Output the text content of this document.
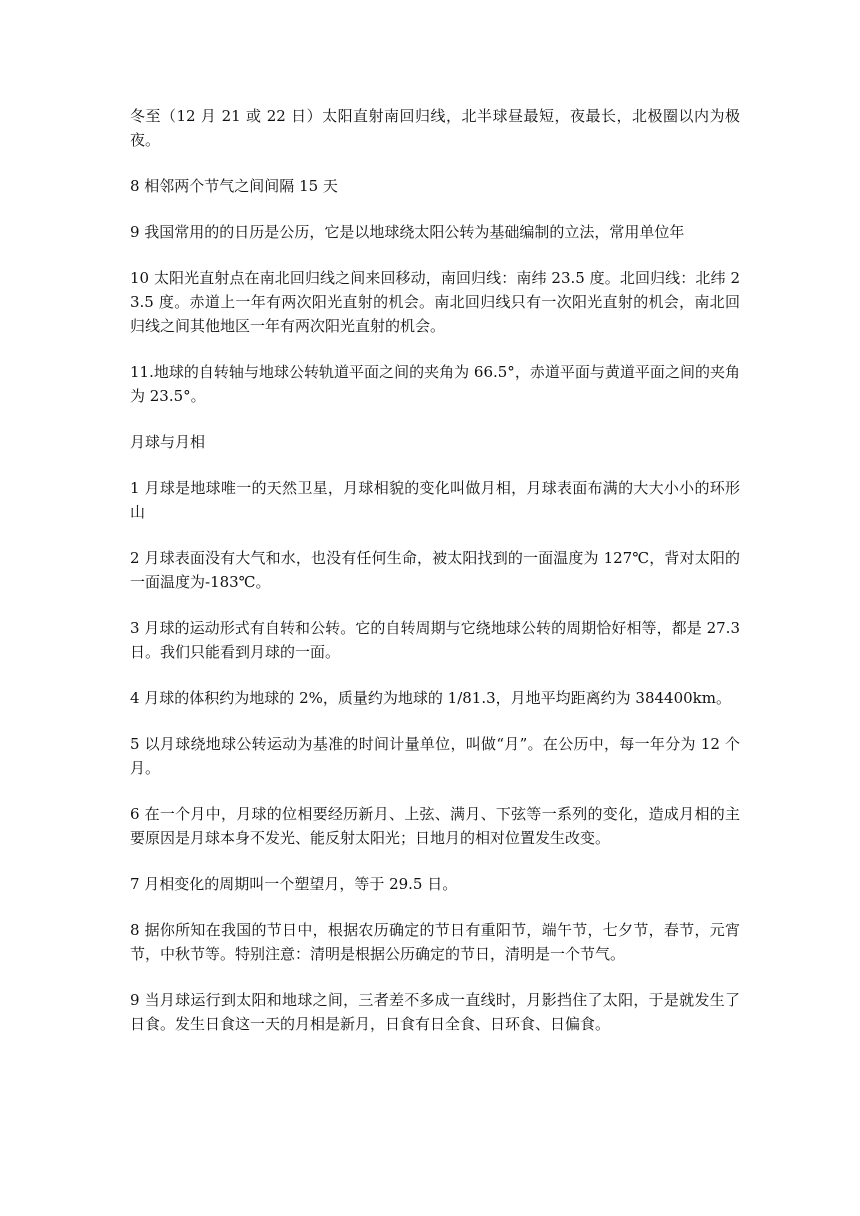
冬至（12 月 21 或 22 日）太阳直射南回归线，北半球昼最短，夜最长，北极圈以内为极夜。

8 相邻两个节气之间间隔 15 天

9 我国常用的的日历是公历，它是以地球绕太阳公转为基础编制的立法，常用单位年

10 太阳光直射点在南北回归线之间来回移动，南回归线：南纬 23.5 度。北回归线：北纬 23.5 度。赤道上一年有两次阳光直射的机会。南北回归线只有一次阳光直射的机会，南北回归线之间其他地区一年有两次阳光直射的机会。

11.地球的自转轴与地球公转轨道平面之间的夹角为 66.5°，赤道平面与黄道平面之间的夹角为 23.5°。

月球与月相

1 月球是地球唯一的天然卫星，月球相貌的变化叫做月相，月球表面布满的大大小小的环形山

2 月球表面没有大气和水，也没有任何生命，被太阳找到的一面温度为 127℃，背对太阳的一面温度为-183℃。

3 月球的运动形式有自转和公转。它的自转周期与它绕地球公转的周期恰好相等，都是 27.3 日。我们只能看到月球的一面。

4 月球的体积约为地球的 2%，质量约为地球的 1/81.3，月地平均距离约为 384400km。

5 以月球绕地球公转运动为基准的时间计量单位，叫做“月”。在公历中，每一年分为 12 个月。

6 在一个月中，月球的位相要经历新月、上弦、满月、下弦等一系列的变化，造成月相的主要原因是月球本身不发光、能反射太阳光；日地月的相对位置发生改变。

7 月相变化的周期叫一个塑望月，等于 29.5 日。

8 据你所知在我国的节日中，根据农历确定的节日有重阳节，端午节，七夕节，春节，元宵节，中秋节等。特别注意：清明是根据公历确定的节日，清明是一个节气。

9 当月球运行到太阳和地球之间，三者差不多成一直线时，月影挡住了太阳，于是就发生了日食。发生日食这一天的月相是新月，日食有日全食、日环食、日偏食。
